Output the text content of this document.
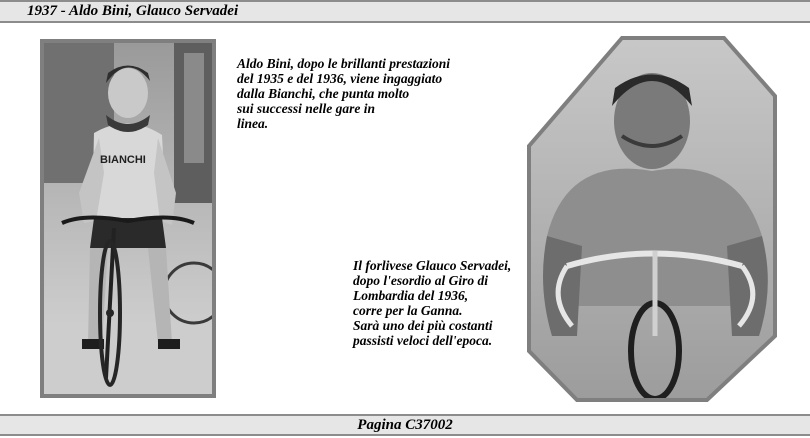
1937 - Aldo Bini, Glauco Servadei
BIANCHI
Aldo Bini, dopo le brillanti prestazioni
del 1935 e del 1936, viene ingaggiato
dalla Bianchi, che punta molto
sui successi nelle gare in
linea.
Il forlivese Glauco Servadei,
dopo l'esordio al Giro di
Lombardia del 1936,
corre per la Ganna.
Sarà uno dei più costanti
passisti veloci dell'epoca.
Pagina C37002
